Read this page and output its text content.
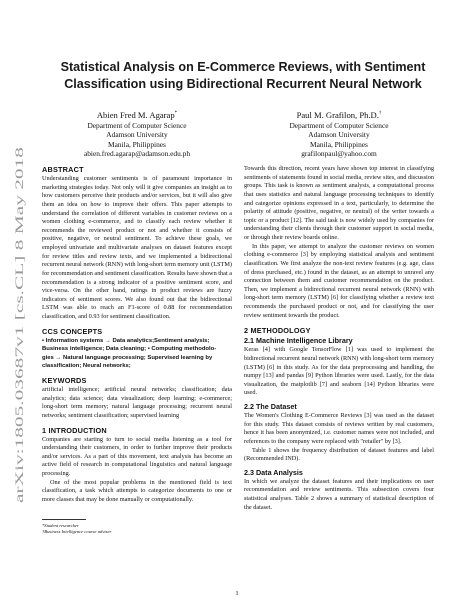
arXiv:1805.03687v1 [cs.CL] 8 May 2018
Statistical Analysis on E-Commerce Reviews, with Sentiment
Classification using Bidirectional Recurrent Neural Network
Abien Fred M. Agarap*
Department of Computer Science
Adamson University
Manila, Philippines
abien.fred.agarap@adamson.edu.ph
Paul M. Grafilon, Ph.D.†
Department of Computer Science
Adamson University
Manila, Philippines
grafilonpaul@yahoo.com
ABSTRACT

Understanding customer sentiments is of paramount importance in marketing strategies today. Not only will it give companies an insight as to how customers perceive their products and/or services, but it will also give them an idea on how to improve their offers. This paper attempts to understand the correlation of different variables in customer reviews on a women clothing e-commerce, and to classify each review whether it recommends the reviewed product or not and whether it consists of positive, negative, or neutral sentiment. To achieve these goals, we employed univariate and multivariate analyses on dataset features except for review titles and review texts, and we implemented a bidirectional recurrent neural network (RNN) with long-short term memory unit (LSTM) for recommendation and sentiment classification. Results have shown that a recommendation is a strong indicator of a positive sentiment score, and vice-versa. On the other hand, ratings in product reviews are fuzzy indicators of sentiment scores. We also found out that the bidirectional LSTM was able to reach an F1-score of 0.88 for recommendation classification, and 0.93 for sentiment classification.

CCS CONCEPTS
• Information systems → Data analytics;Sentiment analysis;
Business intelligence; Data cleaning; • Computing methodolo-
gies → Natural language processing; Supervised learning by
classification; Neural networks;
KEYWORDS

artificial intelligence; artificial neural networks; classification; data analytics; data science; data visualization; deep learning; e-commerce; long-short term memory; natural language processing; recurrent neural networks; sentiment classification; supervised learning

1 INTRODUCTION

Companies are starting to turn to social media listening as a tool for understanding their customers, in order to further improve their products and/or services. As a part of this movement, text analysis has become an active field of research in computational linguistics and natural language processing.

One of the most popular problems in the mentioned field is text classification, a task which attempts to categorize documents to one or more classes that may be done manually or computationally.

*Student researcher
†Business Intelligence course adviser

Towards this direction, recent years have shown top interest in classifying sentiments of statements found in social media, review sites, and discussion groups. This task is known as sentiment analysis, a computational process that uses statistics and natural language processing techniques to identify and categorize opinions expressed in a text, particularly, to determine the polarity of attitude (positive, negative, or neutral) of the writer towards a topic or a product [12]. The said task is now widely used by companies for understanding their clients through their customer support in social media, or through their review boards online.

In this paper, we attempt to analyze the customer reviews on women clothing e-commerce [3] by employing statistical analysis and sentiment classification. We first analyze the non-text review features (e.g. age, class of dress purchased, etc.) found in the dataset, as an attempt to unravel any connection between them and customer recommendation on the product. Then, we implement a bidirectional recurrent neural network (RNN) with long-short term memory (LSTM) [6] for classifying whether a review text recommends the purchased product or not, and for classifying the user review sentiment towards the product.

2 METHODOLOGY
2.1 Machine Intelligence Library

Keras [4] with Google TensorFlow [1] was used to implement the bidirectional recurrent neural network (RNN) with long-short term memory (LSTM) [6] in this study. As for the data preprocessing and handling, the numpy [13] and pandas [9] Python libraries were used. Lastly, for the data visualization, the matplotlib [7] and seaborn [14] Python libraries were used.

2.2 The Dataset

The Women's Clothing E-Commerce Reviews [3] was used as the dataset for this study. This dataset consists of reviews written by real customers, hence it has been anonymized, i.e. customer names were not included, and references to the company were replaced with "retailer" by [3].

Table 1 shows the frequency distribution of dataset features and label (Recommended IND).

2.3 Data Analysis

In which we analyze the dataset features and their implications on user recommendation and review sentiments. This subsection covers four statistical analyses. Table 2 shows a summary of statistical description of the dataset.

1
